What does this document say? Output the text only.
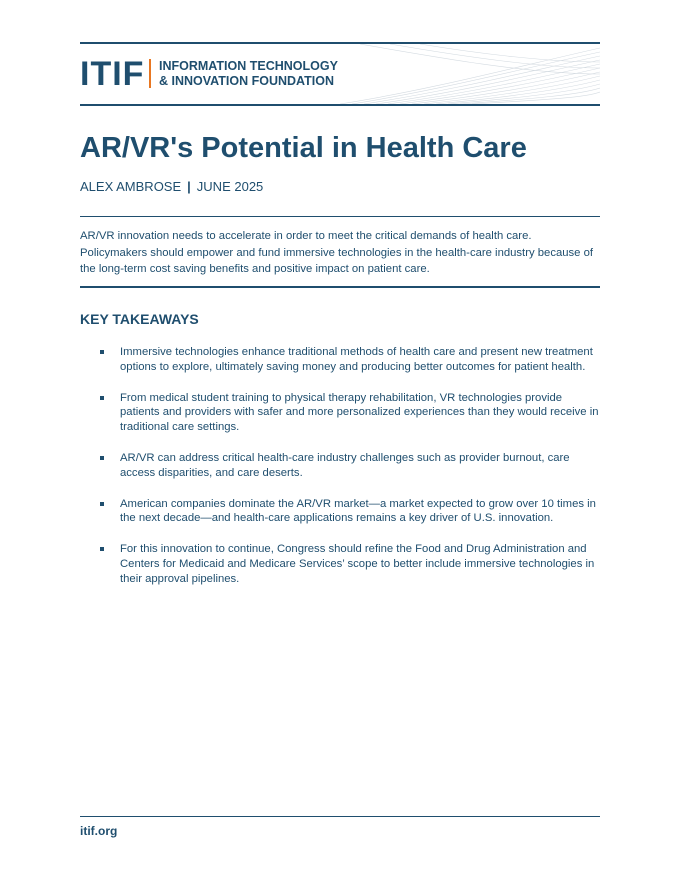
ITIF INFORMATION TECHNOLOGY
& INNOVATION FOUNDATION
AR/VR's Potential in Health Care
ALEX AMBROSE | JUNE 2025

AR/VR innovation needs to accelerate in order to meet the critical demands of health care. Policymakers should empower and fund immersive technologies in the health-care industry because of the long-term cost saving benefits and positive impact on patient care.

KEY TAKEAWAYS
Immersive technologies enhance traditional methods of health care and present new treatment options to explore, ultimately saving money and producing better outcomes for patient health.
From medical student training to physical therapy rehabilitation, VR technologies provide patients and providers with safer and more personalized experiences than they would receive in traditional care settings.
AR/VR can address critical health-care industry challenges such as provider burnout, care access disparities, and care deserts.
American companies dominate the AR/VR market—a market expected to grow over 10 times in the next decade—and health-care applications remains a key driver of U.S. innovation.
For this innovation to continue, Congress should refine the Food and Drug Administration and Centers for Medicaid and Medicare Services’ scope to better include immersive technologies in their approval pipelines.
itif.org
